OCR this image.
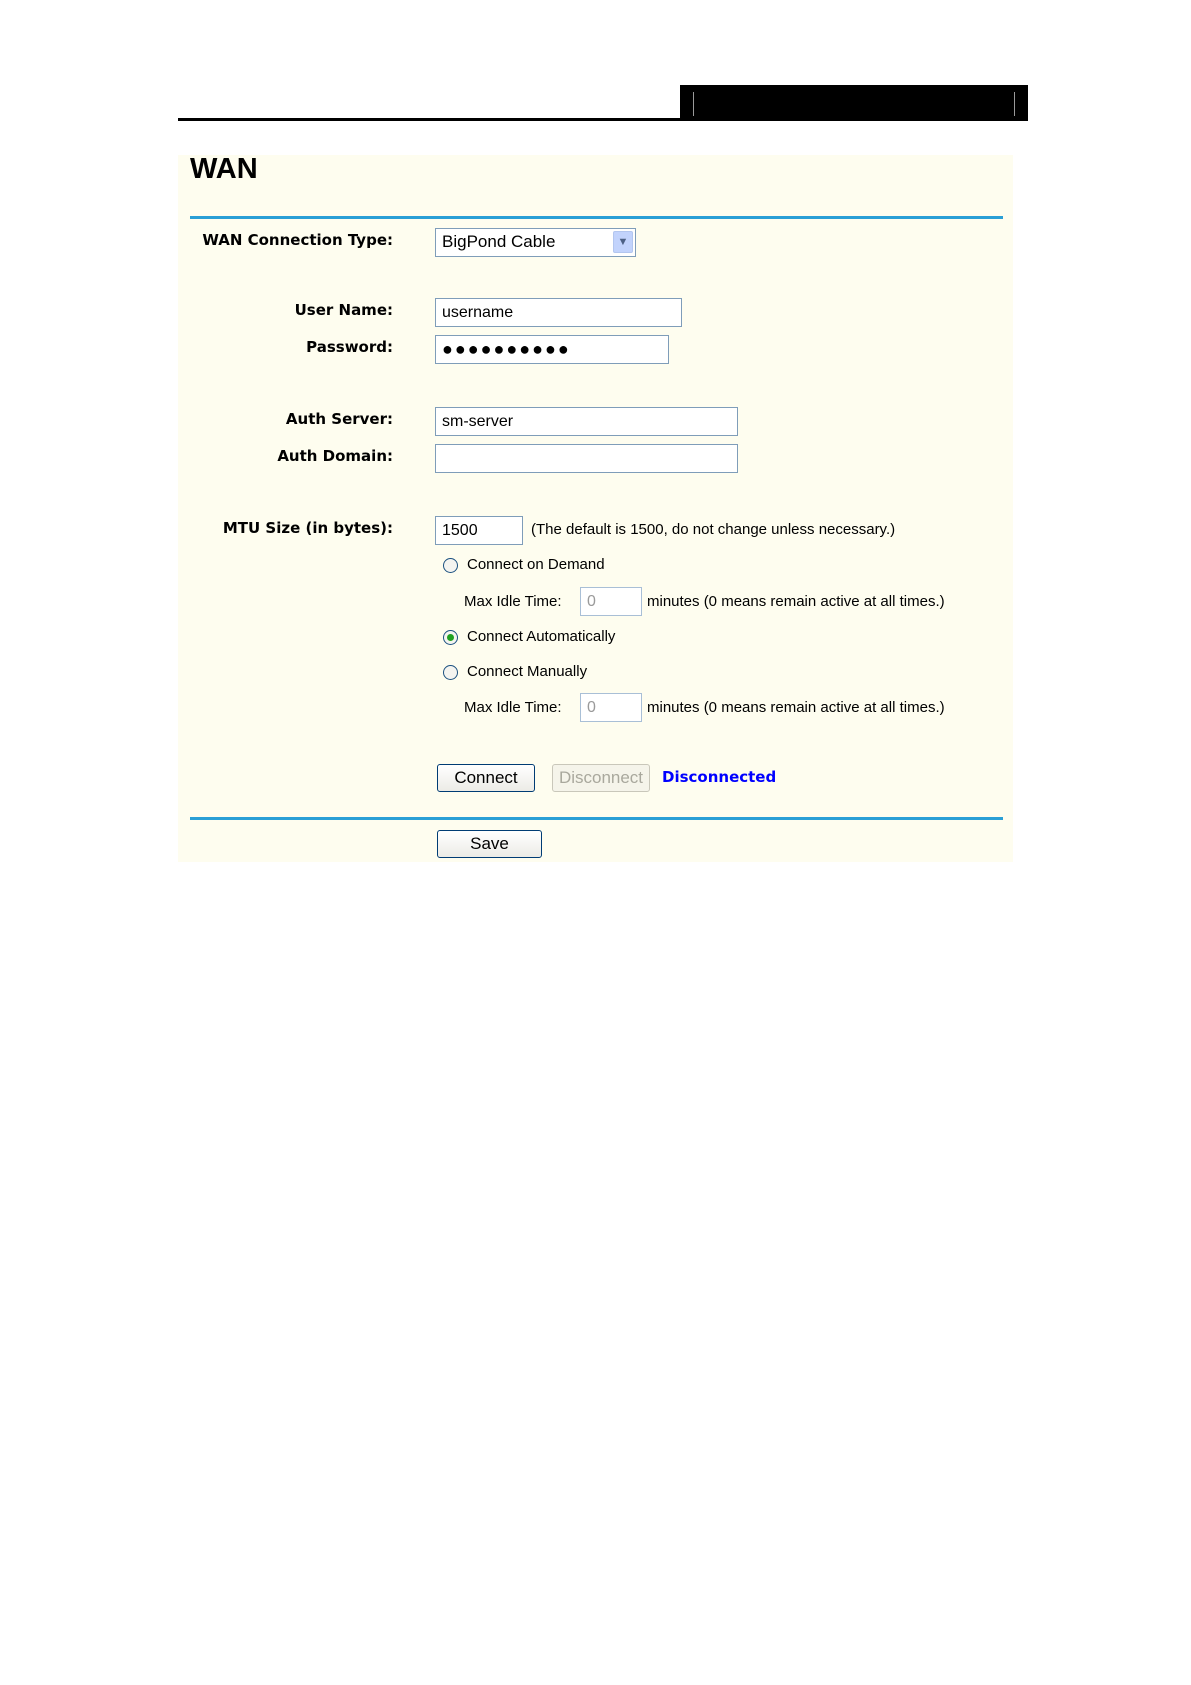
WAN
WAN Connection Type:	BigPond Cable	▼
User Name:
username
Password:
●●●●●●●●●●
Auth Server:
sm-server
Auth Domain:
MTU Size (in bytes):
1500	(The default is 1500, do not change unless necessary.)
Connect on Demand
Max Idle Time:
0	minutes (0 means remain active at all times.)
Connect Automatically
Connect Manually
Max Idle Time:
0	minutes (0 means remain active at all times.)
Connect	Disconnect	Disconnected
Save
